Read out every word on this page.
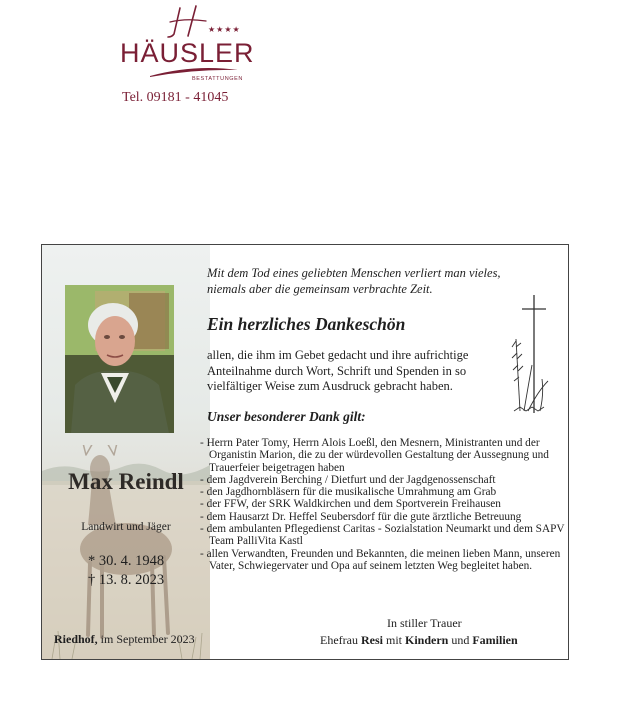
★★★★
HÄUSLER
BESTATTUNGEN
Tel. 09181 - 41045
Max Reindl
Landwirt und Jäger
* 30. 4. 1948
† 13. 8. 2023
Riedhof, im September 2023
Mit dem Tod eines geliebten Menschen verliert man vieles, niemals aber die gemeinsam verbrachte Zeit.
Ein herzliches Dankeschön
allen, die ihm im Gebet gedacht und ihre aufrichtige Anteilnahme durch Wort, Schrift und Spenden in so vielfältiger Weise zum Ausdruck gebracht haben.
Unser besonderer Dank gilt:
- Herrn Pater Tomy, Herrn Alois Loeßl, den Mesnern, Ministranten und der Organistin Marion, die zu der würdevollen Gestaltung der Aussegnung und Trauerfeier beigetragen haben
- dem Jagdverein Berching / Dietfurt und der Jagdgenossenschaft
- den Jagdhornbläsern für die musikalische Umrahmung am Grab
- der FFW, der SRK Waldkirchen und dem Sportverein Freihausen
- dem Hausarzt Dr. Heffel Seubersdorf für die gute ärztliche Betreuung
- dem ambulanten Pflegedienst Caritas - Sozialstation Neumarkt und dem SAPV Team PalliVita Kastl
- allen Verwandten, Freunden und Bekannten, die meinen lieben Mann, unseren Vater, Schwiegervater und Opa auf seinem letzten Weg begleitet haben.
In stiller Trauer
Ehefrau Resi mit Kindern und Familien
